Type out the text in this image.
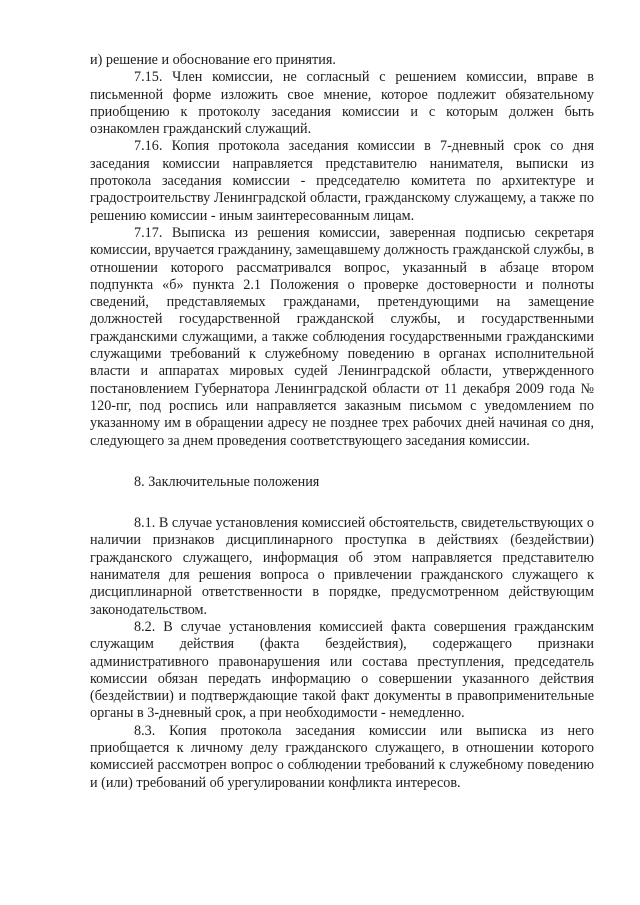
и) решение и обоснование его принятия.

7.15. Член комиссии, не согласный с решением комиссии, вправе в письменной форме изложить свое мнение, которое подлежит обязательному приобщению к протоколу заседания комиссии и с которым должен быть ознакомлен гражданский служащий.

7.16. Копия протокола заседания комиссии в 7-дневный срок со дня заседания комиссии направляется представителю нанимателя, выписки из протокола заседания комиссии - председателю комитета по архитектуре и градостроительству Ленинградской области, гражданскому служащему, а также по решению комиссии - иным заинтересованным лицам.

7.17. Выписка из решения комиссии, заверенная подписью секретаря комиссии, вручается гражданину, замещавшему должность гражданской службы, в отношении которого рассматривался вопрос, указанный в абзаце втором подпункта «б» пункта 2.1 Положения о проверке достоверности и полноты сведений, представляемых гражданами, претендующими на замещение должностей государственной гражданской службы, и государственными гражданскими служащими, а также соблюдения государственными гражданскими служащими требований к служебному поведению в органах исполнительной власти и аппаратах мировых судей Ленинградской области, утвержденного постановлением Губернатора Ленинградской области от 11 декабря 2009 года № 120-пг, под роспись или направляется заказным письмом с уведомлением по указанному им в обращении адресу не позднее трех рабочих дней начиная со дня, следующего за днем проведения соответствующего заседания комиссии.

8. Заключительные положения

8.1. В случае установления комиссией обстоятельств, свидетельствующих о наличии признаков дисциплинарного проступка в действиях (бездействии) гражданского служащего, информация об этом направляется представителю нанимателя для решения вопроса о привлечении гражданского служащего к дисциплинарной ответственности в порядке, предусмотренном действующим законодательством.

8.2. В случае установления комиссией факта совершения гражданским служащим действия (факта бездействия), содержащего признаки административного правонарушения или состава преступления, председатель комиссии обязан передать информацию о совершении указанного действия (бездействии) и подтверждающие такой факт документы в правоприменительные органы в 3-дневный срок, а при необходимости - немедленно.

8.3. Копия протокола заседания комиссии или выписка из него приобщается к личному делу гражданского служащего, в отношении которого комиссией рассмотрен вопрос о соблюдении требований к служебному поведению и (или) требований об урегулировании конфликта интересов.
